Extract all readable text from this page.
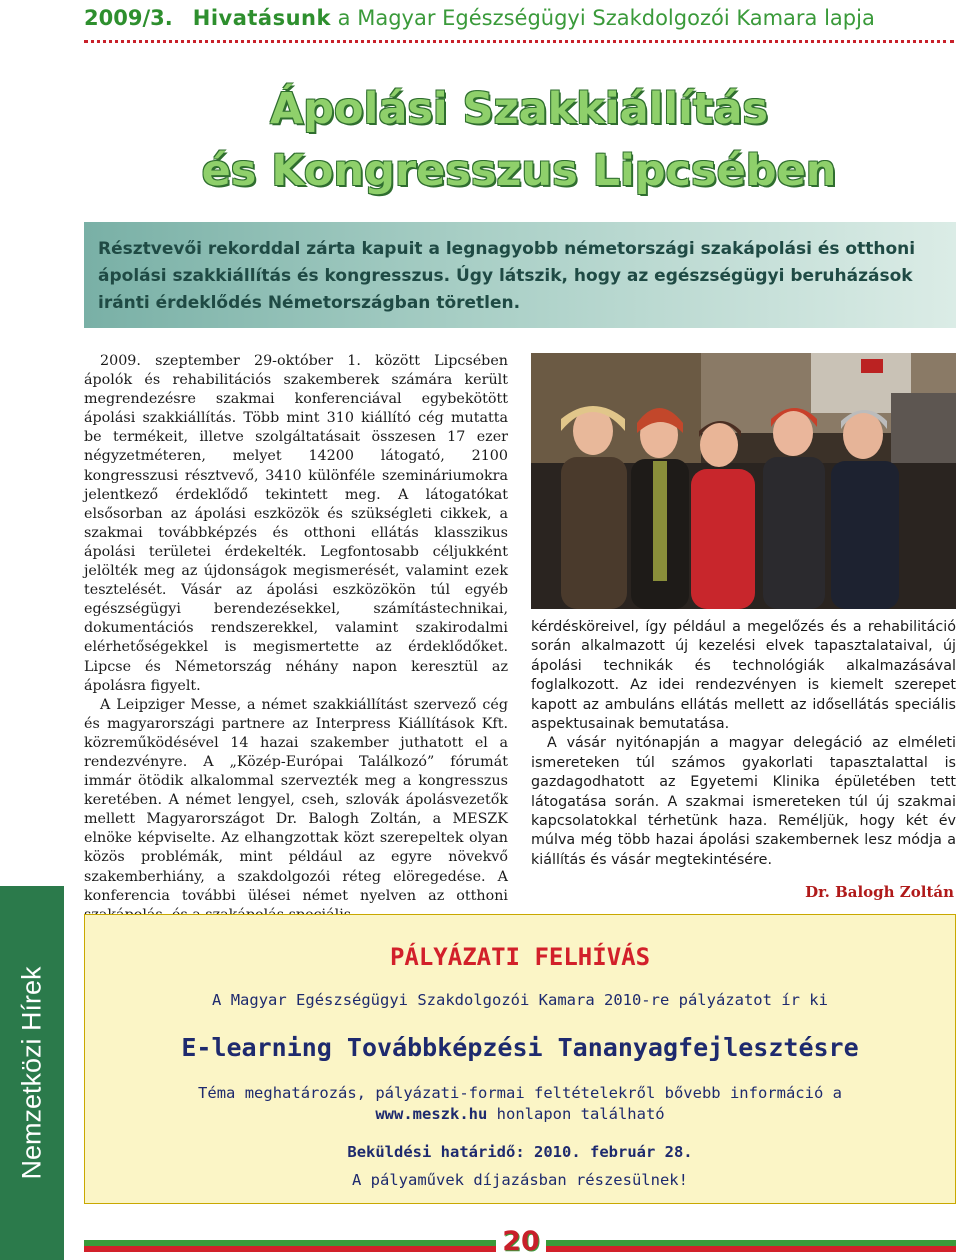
2009/3. Hivatásunk a Magyar Egészségügyi Szakdolgozói Kamara lapja
Ápolási Szakkiállítás
és Kongresszus Lipcsében

Résztvevői rekorddal zárta kapuit a legnagyobb németországi szakápolási és otthoni ápolási szakkiállítás és kongresszus. Úgy látszik, hogy az egészségügyi beruházások iránti érdeklődés Németországban töretlen.

2009. szeptember 29-október 1. között Lipcsében ápolók és rehabilitációs szakemberek számára került megrendezésre szakmai konferenciával egybekötött ápolási szakkiállítás. Több mint 310 kiállító cég mutatta be termékeit, illetve szolgáltatásait összesen 17 ezer négyzetméteren, melyet 14200 látogató, 2100 kongresszusi résztvevő, 3410 különféle szemináriumokra jelentkező érdeklődő tekintett meg. A látogatókat elsősorban az ápolási eszközök és szükségleti cikkek, a szakmai továbbképzés és otthoni ellátás klasszikus ápolási területei érdekelték. Legfontosabb céljukként jelölték meg az újdonságok megismerését, valamint ezek tesztelését. Vásár az ápolási eszközökön túl egyéb egészségügyi berendezésekkel, számítástechnikai, dokumentációs rendszerekkel, valamint szakirodalmi elérhetőségekkel is megismertette az érdeklődőket. Lipcse és Németország néhány napon keresztül az ápolásra figyelt.

A Leipziger Messe, a német szakkiállítást szervező cég és magyarországi partnere az Interpress Kiállítások Kft. közreműködésével 14 hazai szakember juthatott el a rendezvényre. A „Közép-Európai Találkozó” fórumát immár ötödik alkalommal szervezték meg a kongresszus keretében. A német lengyel, cseh, szlovák ápolásvezetők mellett Magyarországot Dr. Balogh Zoltán, a MESZK elnöke képviselte. Az elhangzottak közt szerepeltek olyan közös problémák, mint például az egyre növekvő szakemberhiány, a szakdolgozói réteg elöregedése. A konferencia további ülései német nyelven az otthoni

kérdésköreivel, így például a megelőzés és a rehabilitáció során alkalmazott új kezelési elvek tapasztalataival, új ápolási technikák és technológiák alkalmazásával foglalkozott. Az idei rendezvényen is kiemelt szerepet kapott az ambuláns ellátás mellett az idősellátás speciális aspektusainak bemutatása.

A vásár nyitónapján a magyar delegáció az elméleti ismereteken túl számos gyakorlati tapasztalattal is gazdagodhatott az Egyetemi Klinika épületében tett látogatása során. A szakmai ismereteken túl új szakmai kapcsolatokkal térhetünk haza. Reméljük, hogy két év múlva még több hazai ápolási szakembernek lesz módja a kiállítás és vásár megtekintésére.

Dr. Balogh Zoltán
Nemzetközi Hírek
PÁLYÁZATI FELHÍVÁS
A Magyar Egészségügyi Szakdolgozói Kamara 2010-re pályázatot ír ki
E-learning Továbbképzési Tananyagfejlesztésre
Téma meghatározás, pályázati-formai feltételekről bővebb információ a
www.meszk.hu honlapon található
Beküldési határidő: 2010. február 28.
A pályaművek díjazásban részesülnek!
20
